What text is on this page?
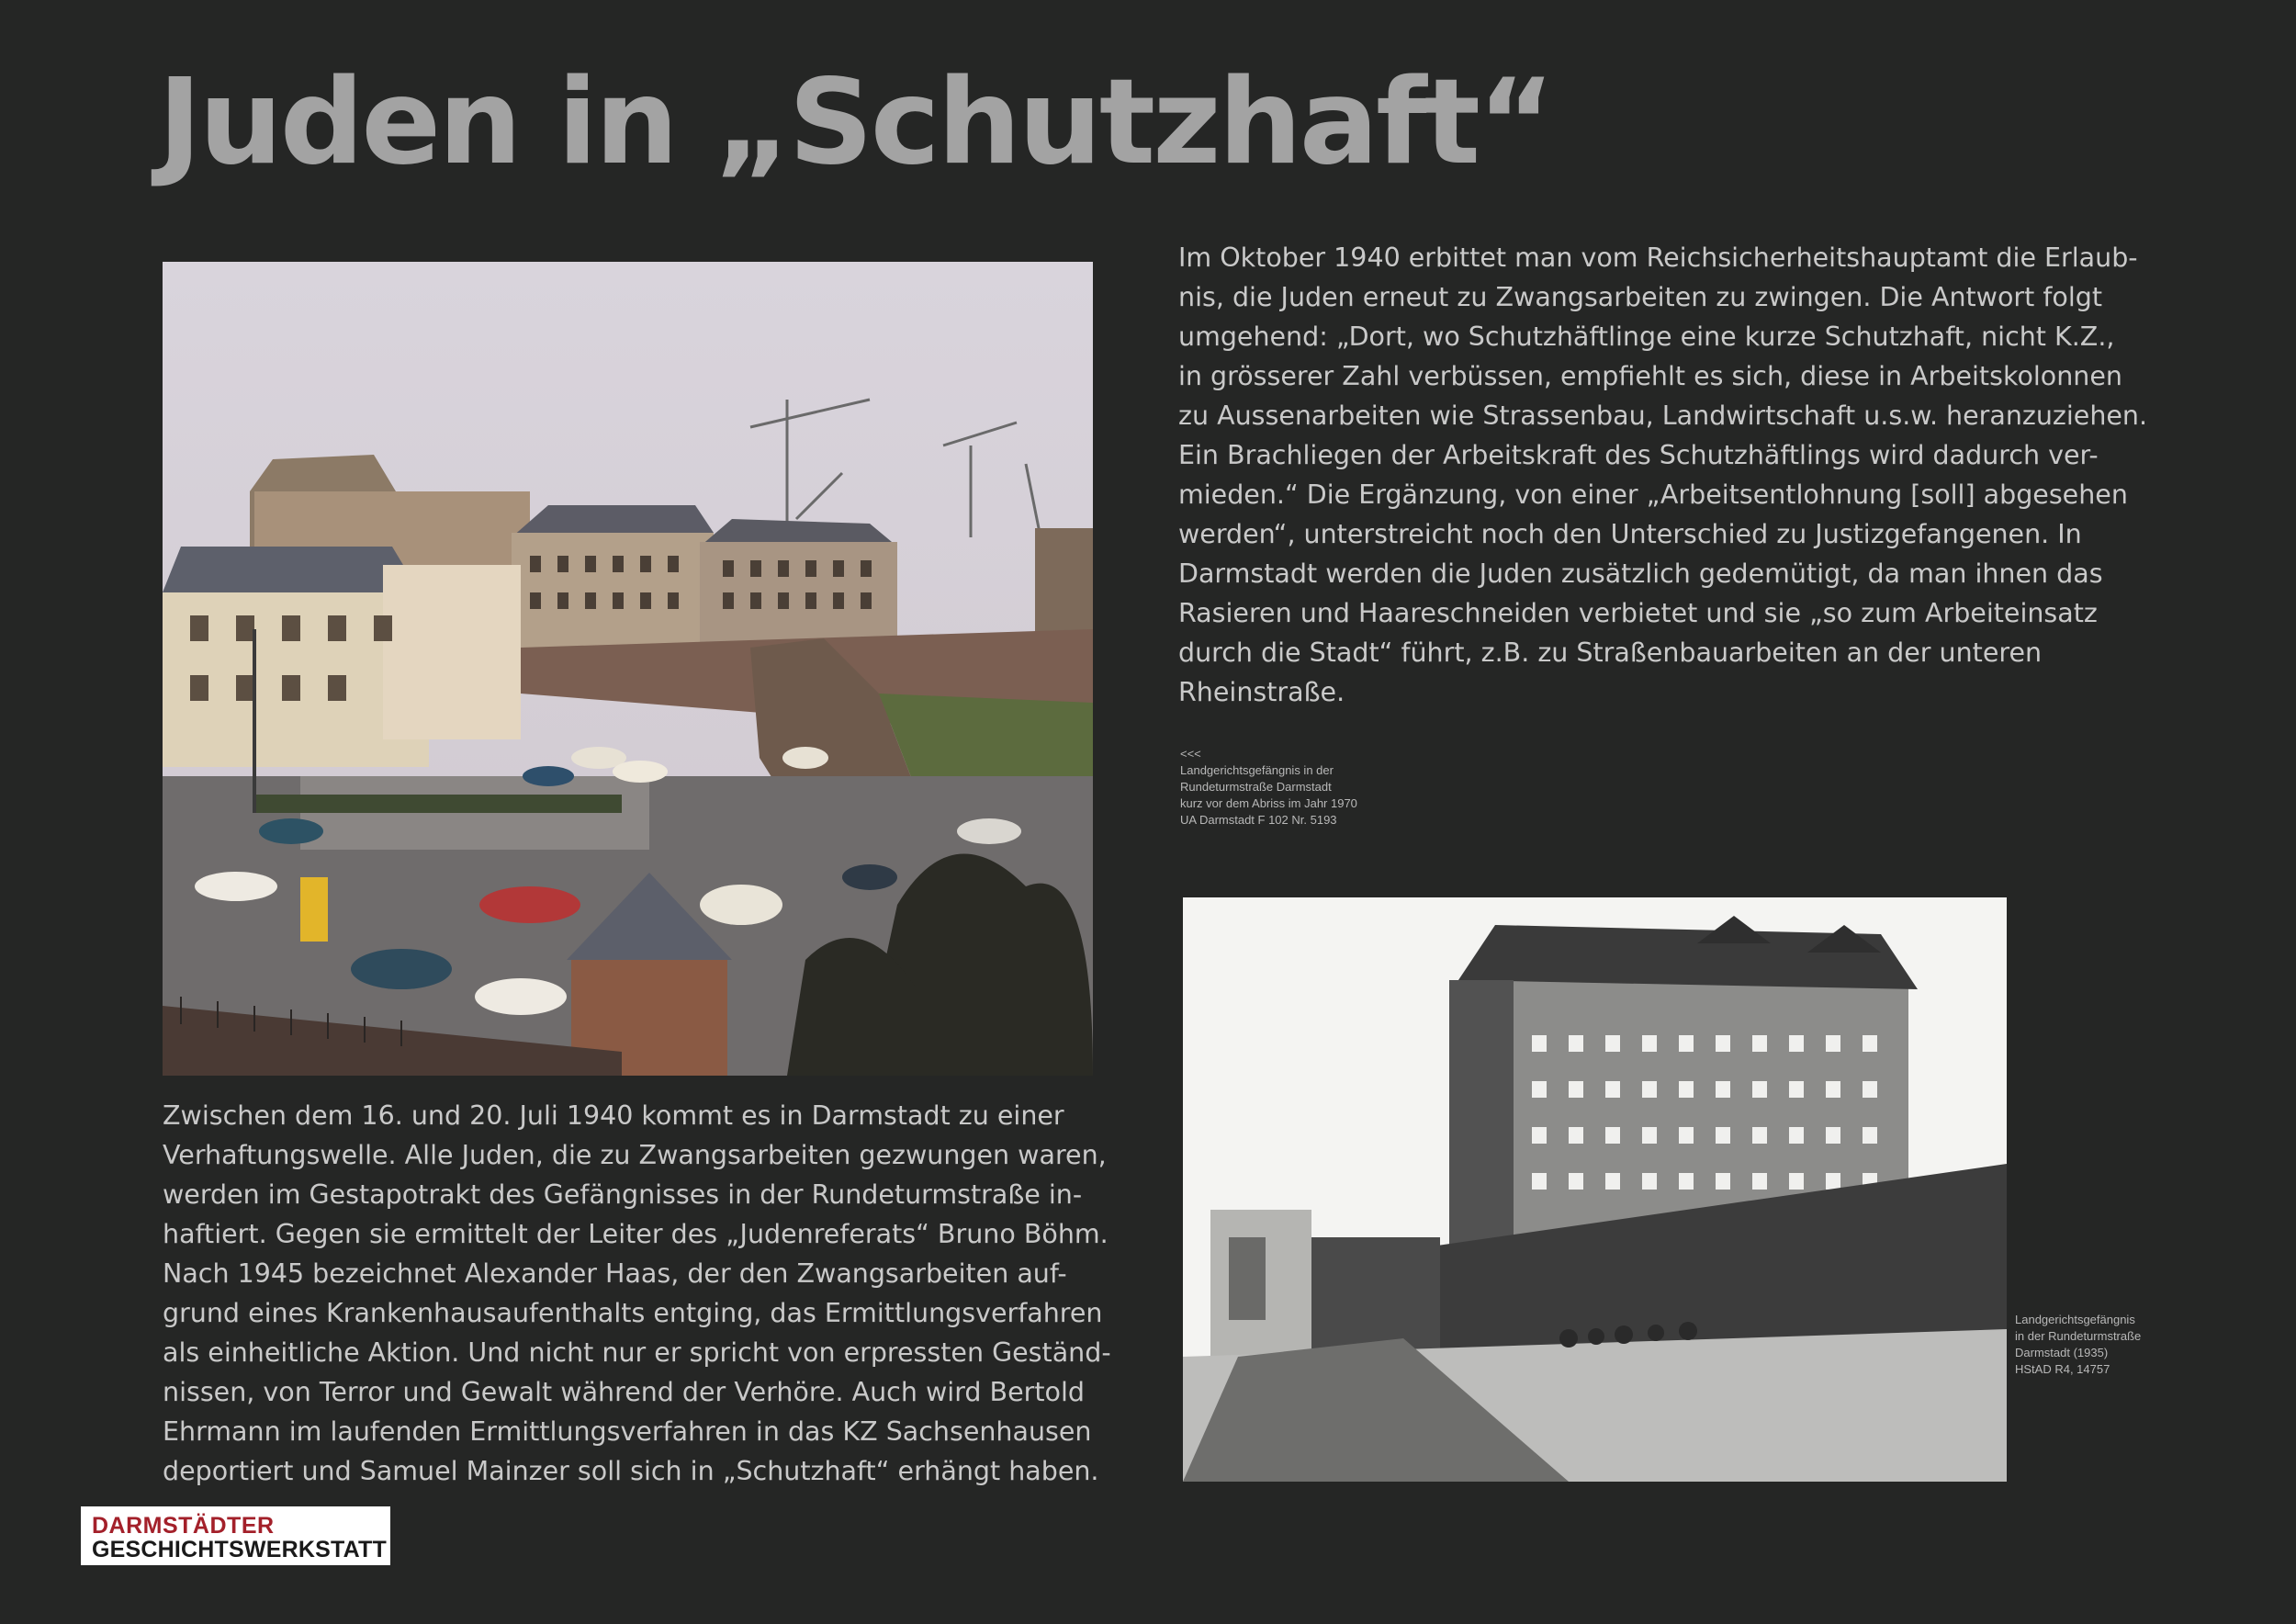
Juden in „Schutzhaft“
Im Oktober 1940 erbittet man vom Reichsicherheitshauptamt die Erlaub-
nis, die Juden erneut zu Zwangsarbeiten zu zwingen. Die Antwort folgt
umgehend: „Dort, wo Schutzhäftlinge eine kurze Schutzhaft, nicht K.Z.,
in grösserer Zahl verbüssen, empfiehlt es sich, diese in Arbeitskolonnen
zu Aussenarbeiten wie Strassenbau, Landwirtschaft u.s.w. heranzuziehen.
Ein Brachliegen der Arbeitskraft des Schutzhäftlings wird dadurch ver-
mieden.“ Die Ergänzung, von einer „Arbeitsentlohnung [soll] abgesehen
werden“, unterstreicht noch den Unterschied zu Justizgefangenen. In
Darmstadt werden die Juden zusätzlich gedemütigt, da man ihnen das
Rasieren und Haareschneiden verbietet und sie „so zum Arbeiteinsatz
durch die Stadt“ führt, z.B. zu Straßenbauarbeiten an der unteren
Rheinstraße.
<<<
Landgerichtsgefängnis in der
Rundeturmstraße Darmstadt
kurz vor dem Abriss im Jahr 1970
UA Darmstadt F 102 Nr. 5193
Zwischen dem 16. und 20. Juli 1940 kommt es in Darmstadt zu einer
Verhaftungswelle. Alle Juden, die zu Zwangsarbeiten gezwungen waren,
werden im Gestapotrakt des Gefängnisses in der Rundeturmstraße in-
haftiert. Gegen sie ermittelt der Leiter des „Judenreferats“ Bruno Böhm.
Nach 1945 bezeichnet Alexander Haas, der den Zwangsarbeiten auf-
grund eines Krankenhausaufenthalts entging, das Ermittlungsverfahren
als einheitliche Aktion. Und nicht nur er spricht von erpressten Geständ-
nissen, von Terror und Gewalt während der Verhöre. Auch wird Bertold
Ehrmann im laufenden Ermittlungsverfahren in das KZ Sachsenhausen
deportiert und Samuel Mainzer soll sich in „Schutzhaft“ erhängt haben.
Landgerichtsgefängnis
in der Rundeturmstraße
Darmstadt (1935)
HStAD R4, 14757
DARMSTÄDTER
GESCHICHTSWERKSTATT
